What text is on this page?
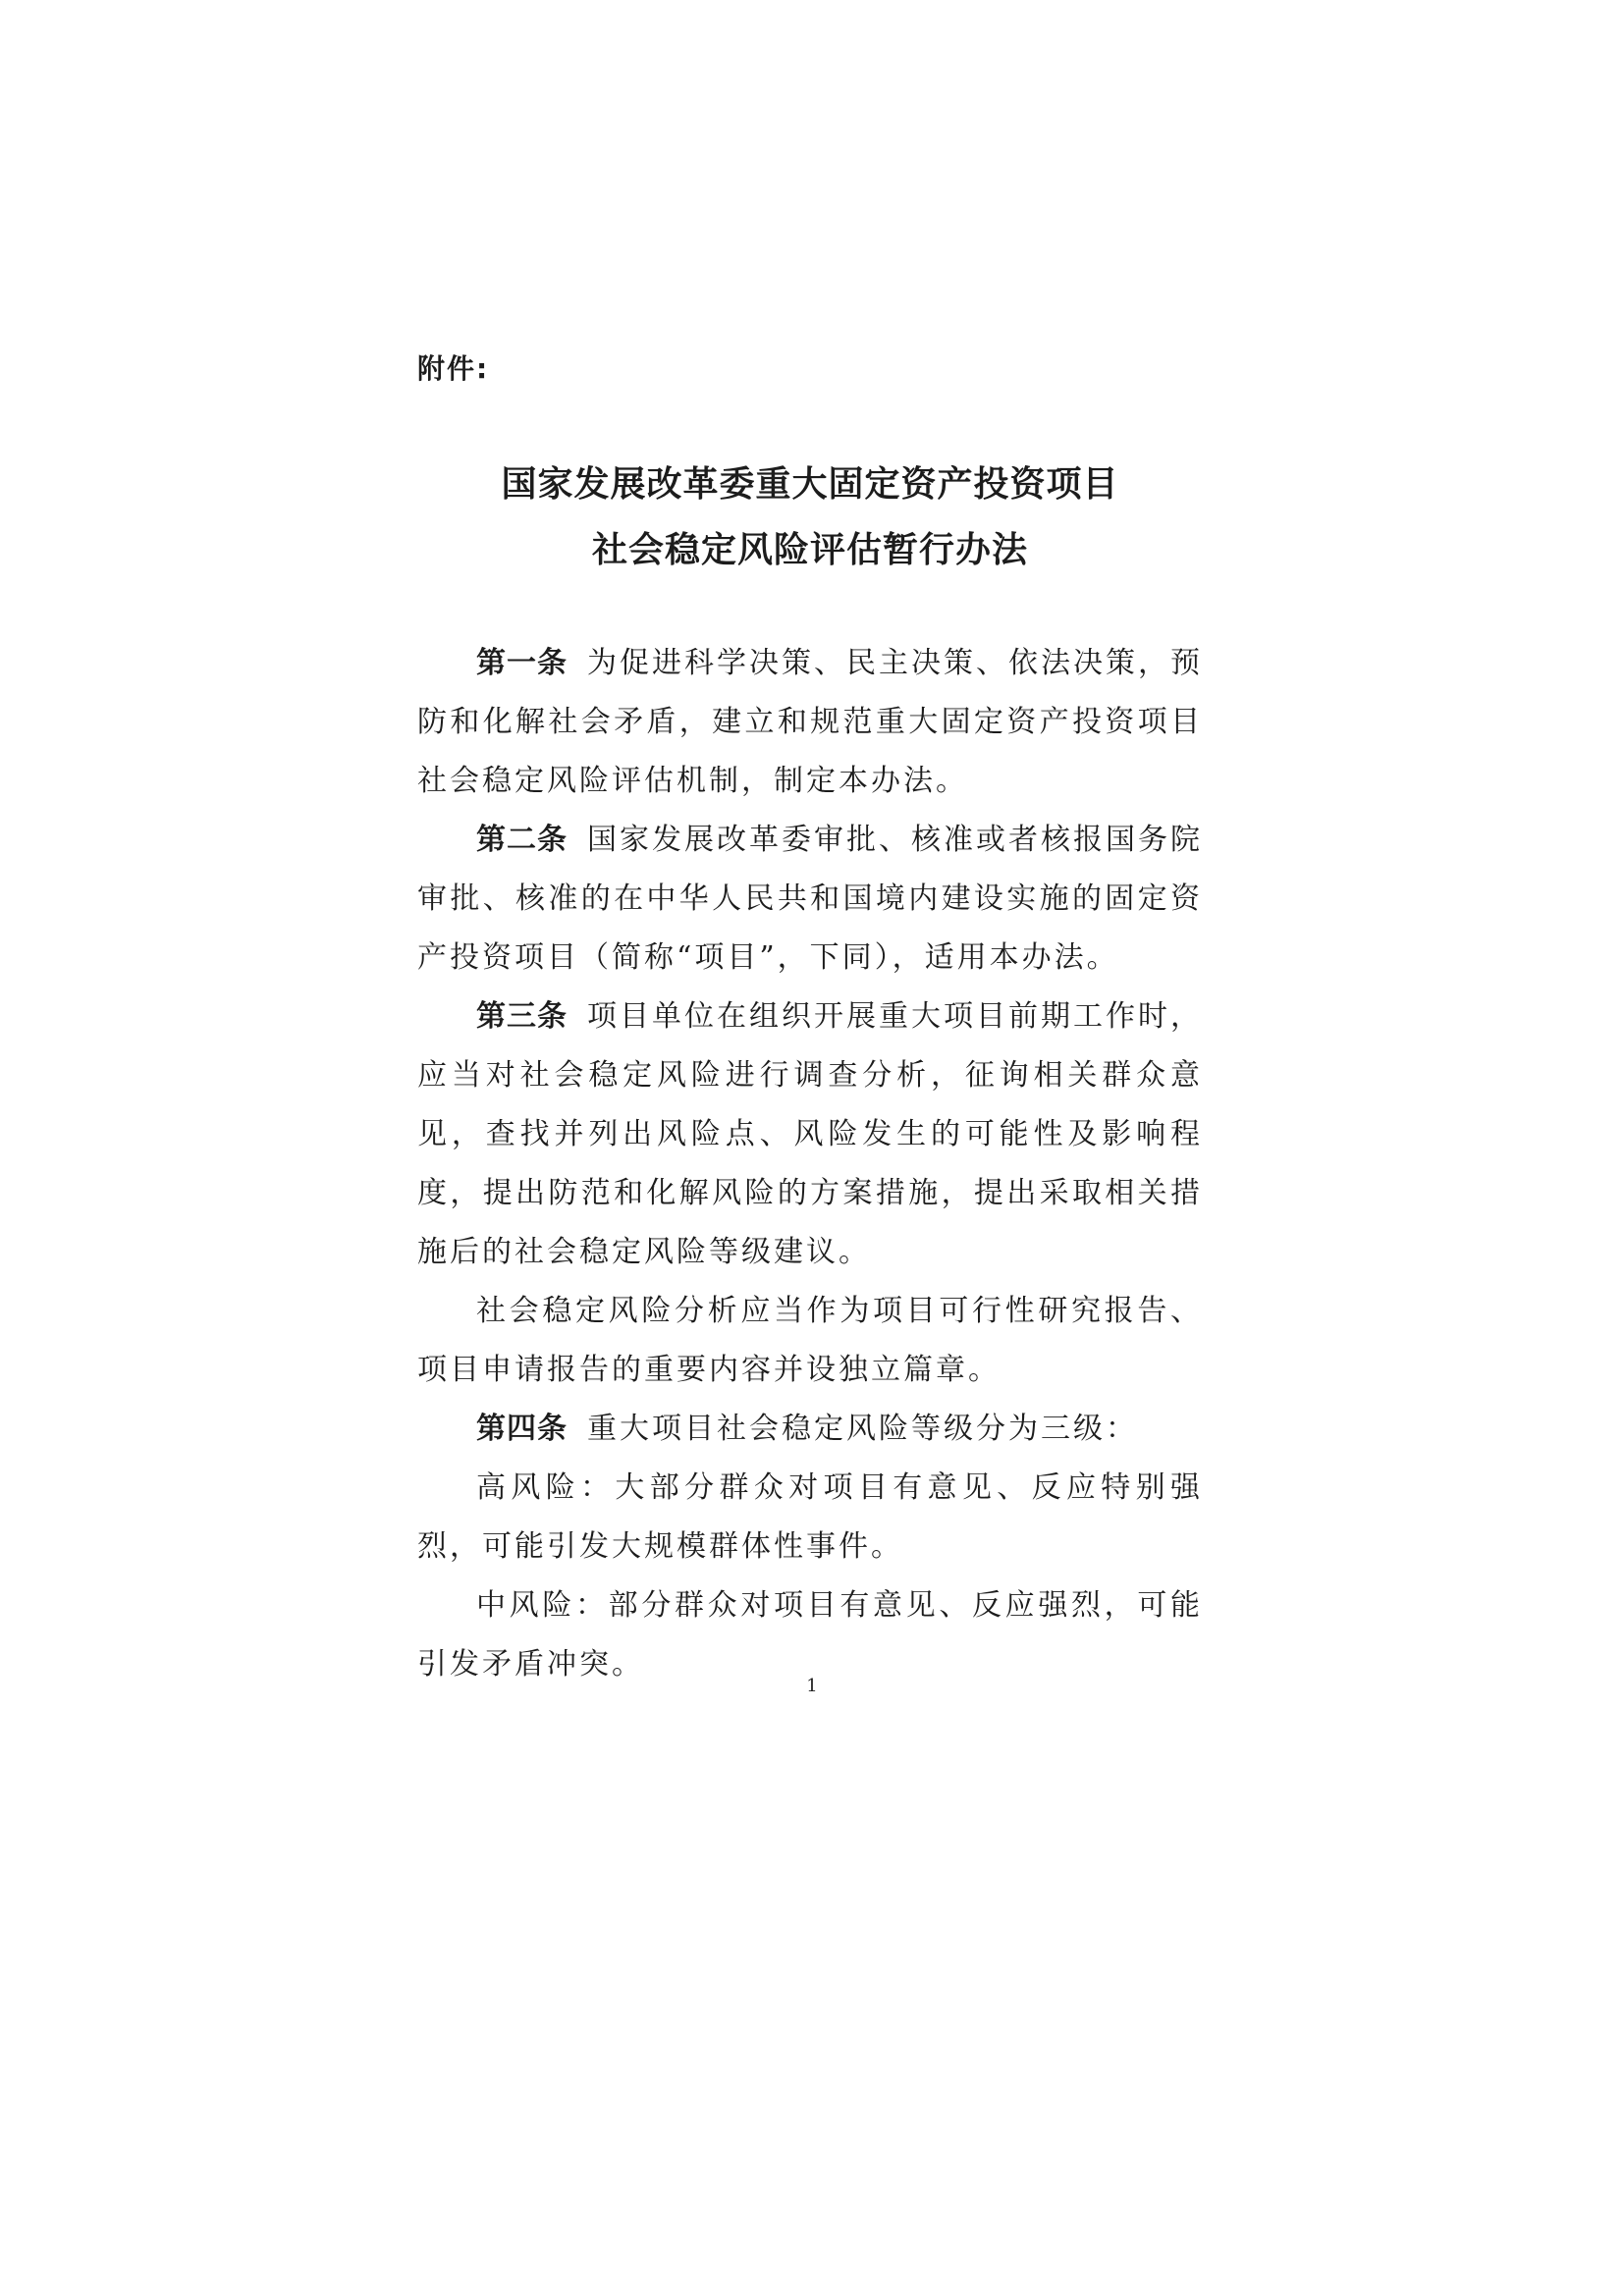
附件:
国家发展改革委重大固定资产投资项目
社会稳定风险评估暂行办法

第一条 为促进科学决策、民主决策、依法决策，预防和化解社会矛盾，建立和规范重大固定资产投资项目社会稳定风险评估机制，制定本办法。

第二条 国家发展改革委审批、核准或者核报国务院审批、核准的在中华人民共和国境内建设实施的固定资产投资项目（简称“项目”，下同），适用本办法。

第三条 项目单位在组织开展重大项目前期工作时，应当对社会稳定风险进行调查分析，征询相关群众意见，查找并列出风险点、风险发生的可能性及影响程度，提出防范和化解风险的方案措施，提出采取相关措施后的社会稳定风险等级建议。

社会稳定风险分析应当作为项目可行性研究报告、项目申请报告的重要内容并设独立篇章。

第四条 重大项目社会稳定风险等级分为三级：

高风险：大部分群众对项目有意见、反应特别强烈，可能引发大规模群体性事件。

中风险：部分群众对项目有意见、反应强烈，可能引发矛盾冲突。

1
